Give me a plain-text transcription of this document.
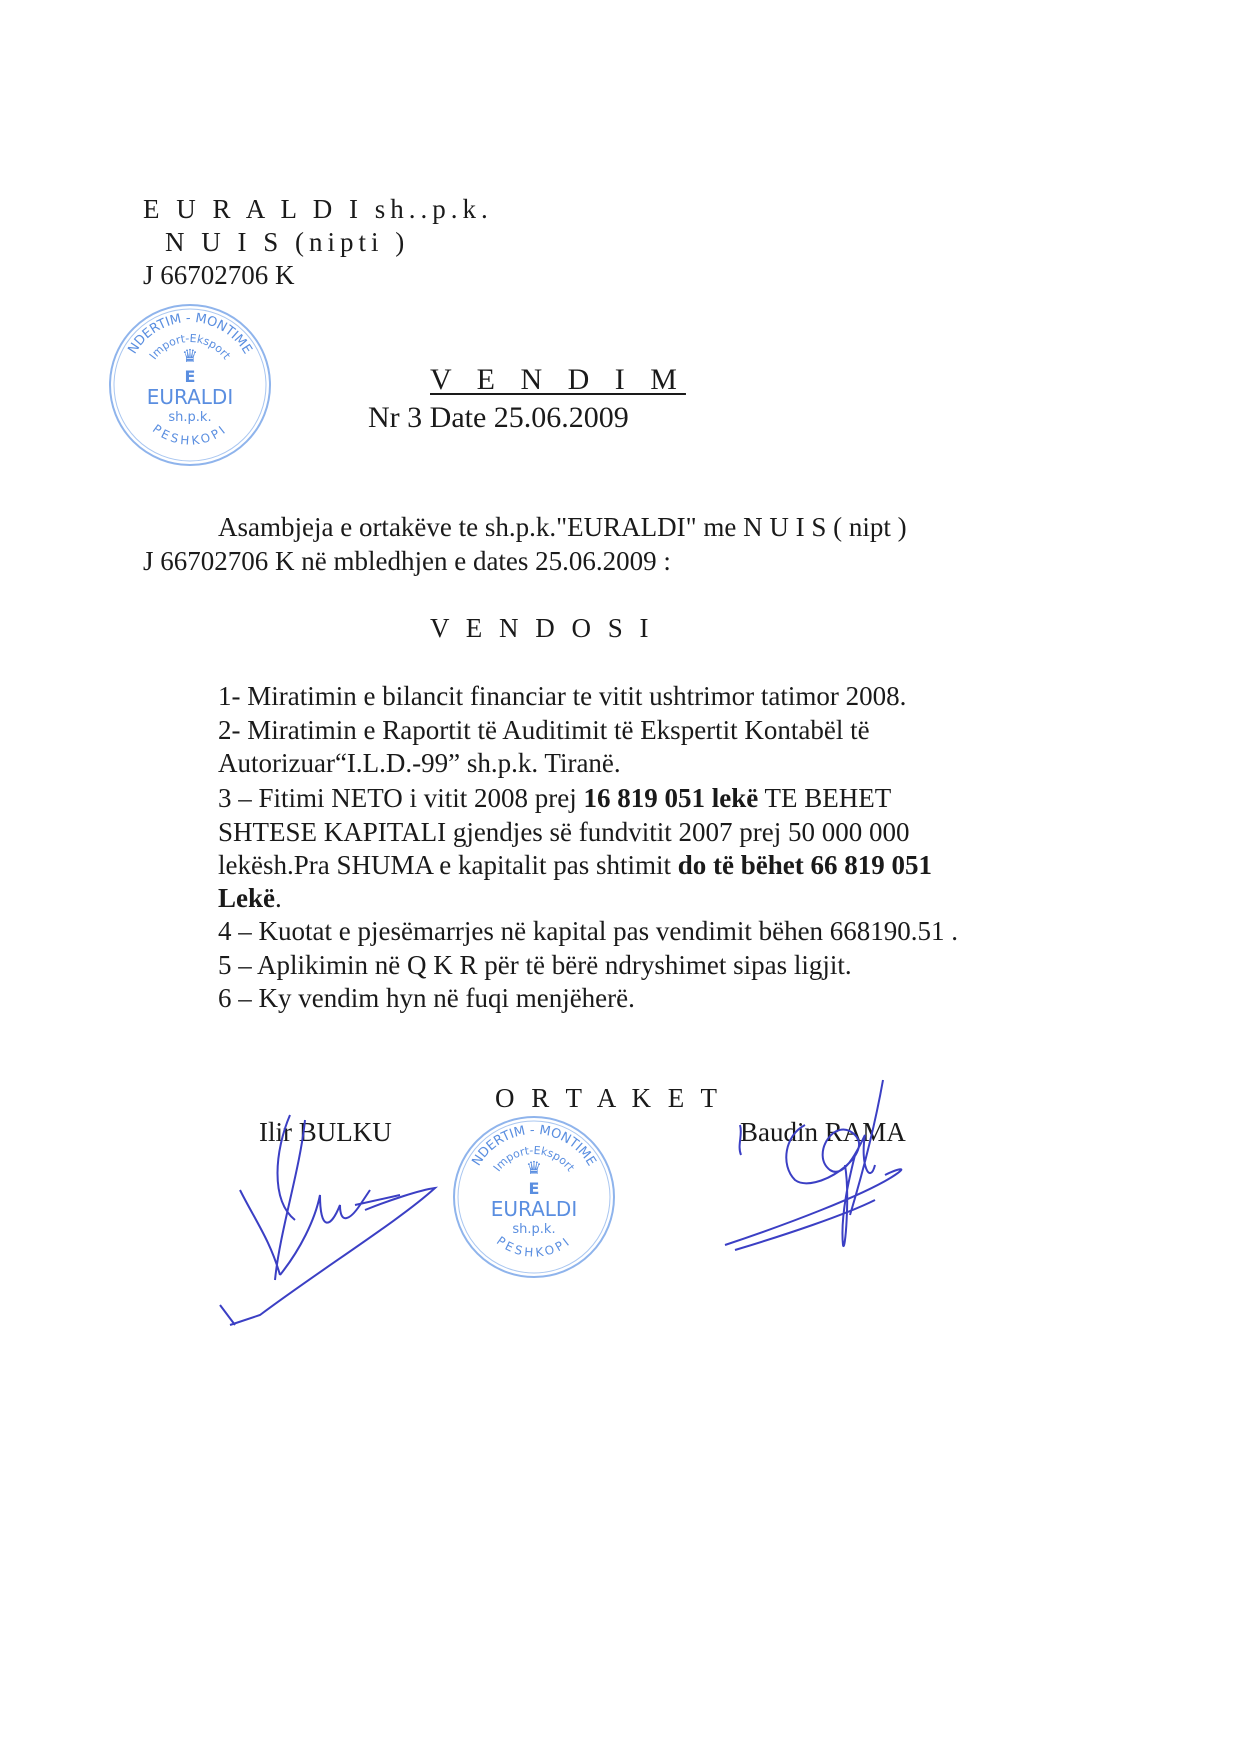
E U R A L D I sh..p.k.
N U I S (nipti )
J 66702706 K
NDERTIM - MONTIME
Import-Eksport
♛
E
EURALDI
sh.p.k.
PESHKOPI
V E N D I M
Nr 3 Date 25.06.2009
Asambjeja e ortakëve te sh.p.k."EURALDI" me N U I S ( nipt )
J 66702706 K në mbledhjen e dates 25.06.2009 :
V E N D O S I
1- Miratimin e bilancit financiar te vitit ushtrimor tatimor 2008.
2- Miratimin e Raportit të Auditimit të Ekspertit Kontabël të
Autorizuar“I.L.D.-99” sh.p.k. Tiranë.
3 – Fitimi NETO i vitit 2008 prej 16 819 051 lekë TE BEHET
SHTESE KAPITALI gjendjes së fundvitit 2007 prej 50 000 000
lekësh.Pra SHUMA e kapitalit pas shtimit do të bëhet 66 819 051
Lekë.
4 – Kuotat e pjesëmarrjes në kapital pas vendimit bëhen 668190.51 .
5 – Aplikimin në Q K R për të bërë ndryshimet sipas ligjit.
6 – Ky vendim hyn në fuqi menjëherë.
O R T A K E T
Ilir BULKU	Baudin RAMA
NDERTIM - MONTIME
Import-Eksport
♛
E
EURALDI
sh.p.k.
PESHKOPI
